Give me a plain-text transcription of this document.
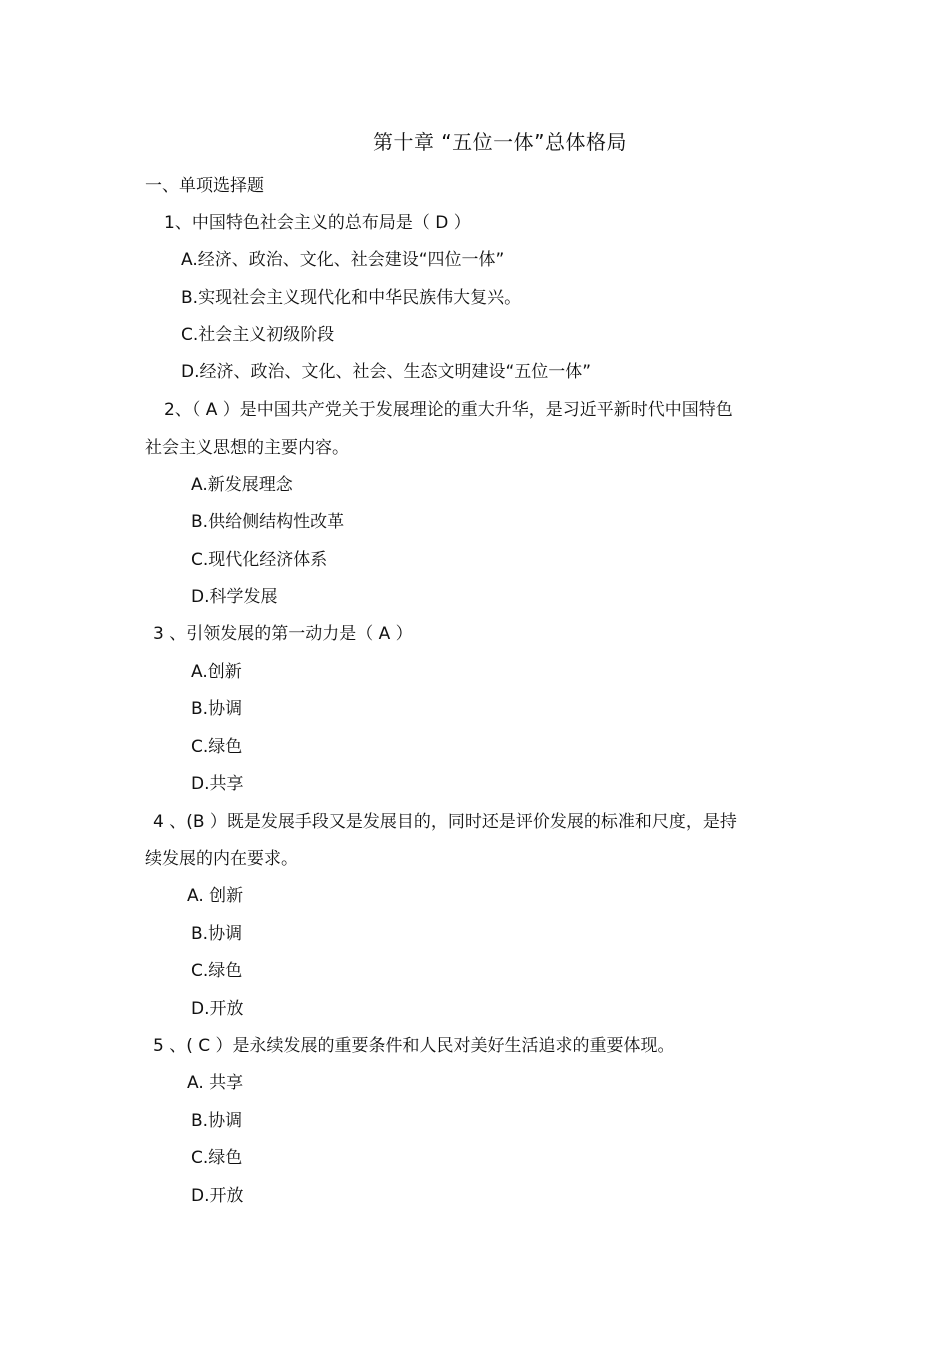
第十章 “五位一体”总体格局
一、单项选择题
1、中国特色社会主义的总布局是（ D ）
A.经济、政治、文化、社会建设“四位一体”
B.实现社会主义现代化和中华民族伟大复兴。
C.社会主义初级阶段
D.经济、政治、文化、社会、生态文明建设“五位一体”
2、（ A ）是中国共产党关于发展理论的重大升华，是习近平新时代中国特色
社会主义思想的主要内容。
A.新发展理念
B.供给侧结构性改革
C.现代化经济体系
D.科学发展
3 、引领发展的第一动力是（ A ）
A.创新
B.协调
C.绿色
D.共享
4 、(B ）既是发展手段又是发展目的，同时还是评价发展的标准和尺度，是持
续发展的内在要求。
A. 创新
B.协调
C.绿色
D.开放
5 、( C ）是永续发展的重要条件和人民对美好生活追求的重要体现。
A. 共享
B.协调
C.绿色
D.开放
